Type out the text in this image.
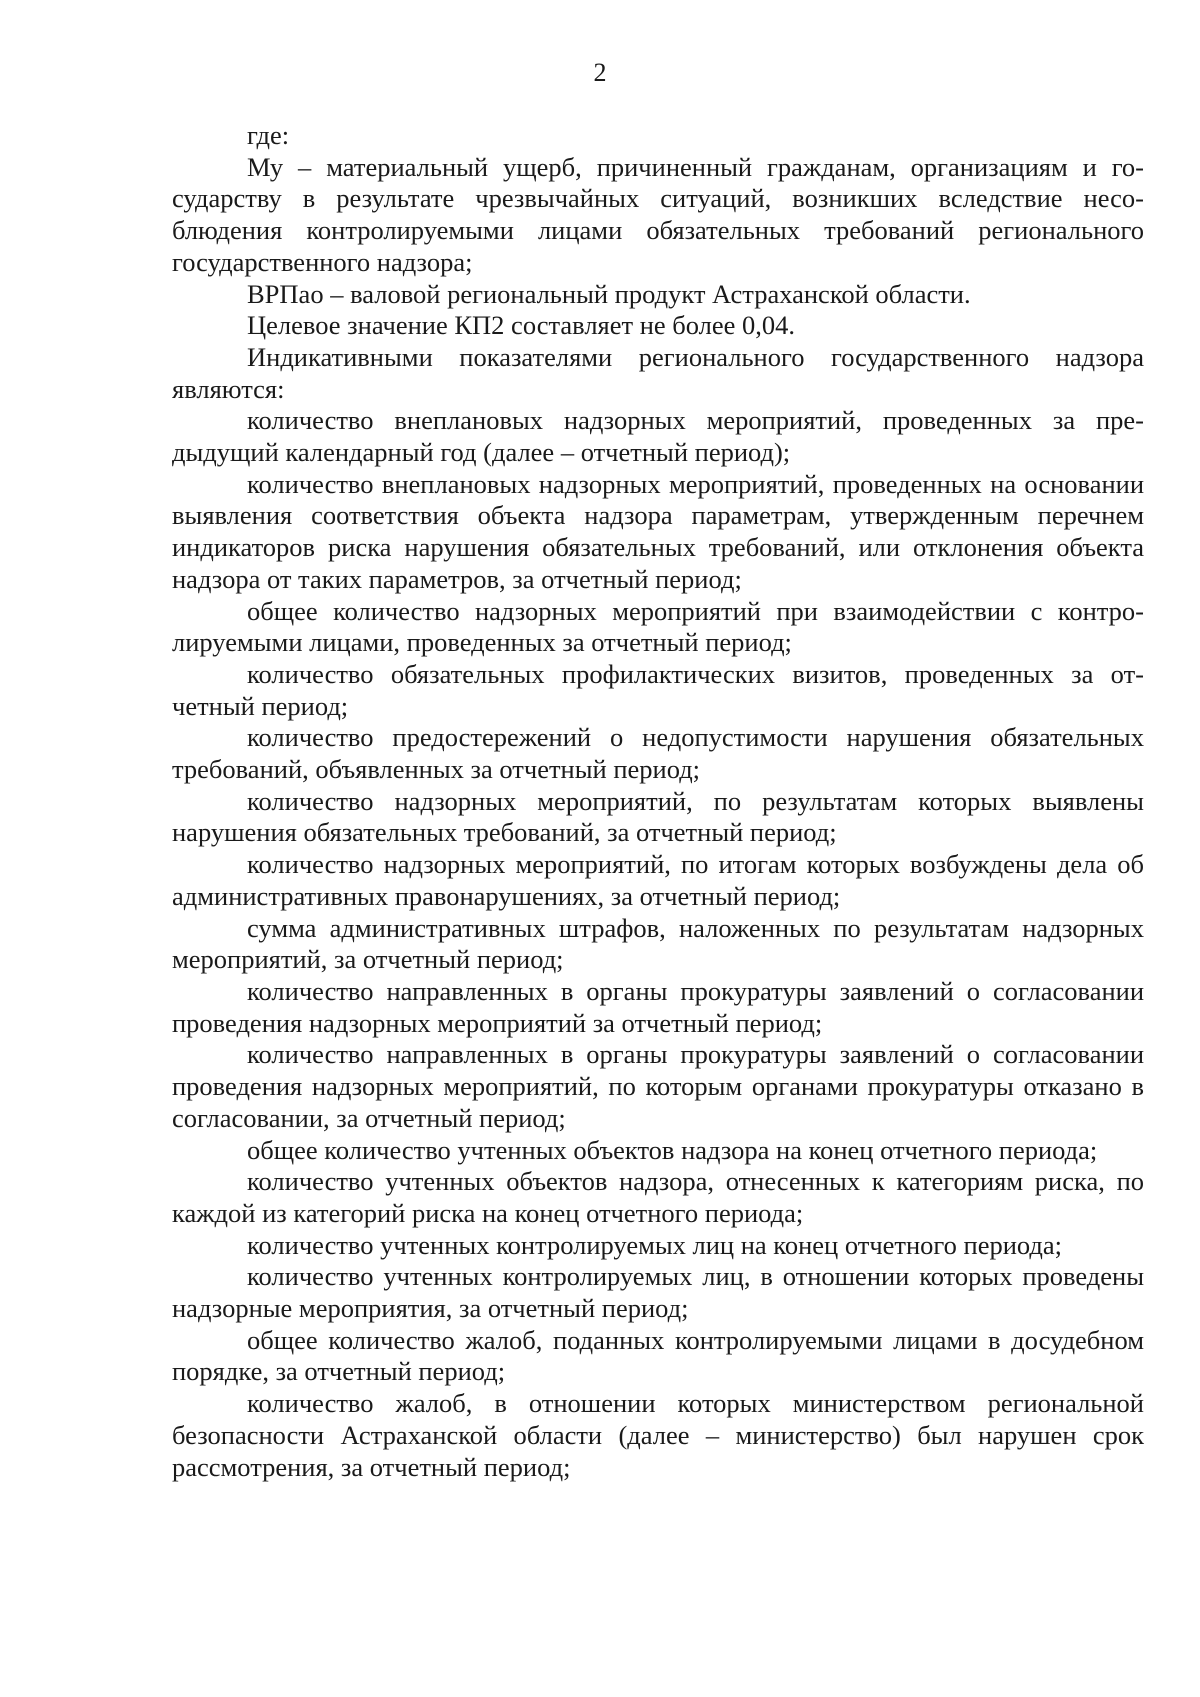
2

где:

Му – материальный ущерб, причиненный гражданам, организациям и государству в результате чрезвычайных ситуаций, возникших вследствие несоблюдения контролируемыми лицами обязательных требований регионального государственного надзора;

ВРПао – валовой региональный продукт Астраханской области.

Целевое значение КП2 составляет не более 0,04.

Индикативными показателями регионального государственного надзора являются:

количество внеплановых надзорных мероприятий, проведенных за предыдущий календарный год (далее – отчетный период);

количество внеплановых надзорных мероприятий, проведенных на основании выявления соответствия объекта надзора параметрам, утвержденным перечнем индикаторов риска нарушения обязательных требований, или отклонения объекта надзора от таких параметров, за отчетный период;

общее количество надзорных мероприятий при взаимодействии с контролируемыми лицами, проведенных за отчетный период;

количество обязательных профилактических визитов, проведенных за отчетный период;

количество предостережений о недопустимости нарушения обязательных требований, объявленных за отчетный период;

количество надзорных мероприятий, по результатам которых выявлены нарушения обязательных требований, за отчетный период;

количество надзорных мероприятий, по итогам которых возбуждены дела об административных правонарушениях, за отчетный период;

сумма административных штрафов, наложенных по результатам надзорных мероприятий, за отчетный период;

количество направленных в органы прокуратуры заявлений о согласовании проведения надзорных мероприятий за отчетный период;

количество направленных в органы прокуратуры заявлений о согласовании проведения надзорных мероприятий, по которым органами прокуратуры отказано в согласовании, за отчетный период;

общее количество учтенных объектов надзора на конец отчетного периода;

количество учтенных объектов надзора, отнесенных к категориям риска, по каждой из категорий риска на конец отчетного периода;

количество учтенных контролируемых лиц на конец отчетного периода;

количество учтенных контролируемых лиц, в отношении которых проведены надзорные мероприятия, за отчетный период;

общее количество жалоб, поданных контролируемыми лицами в досудебном порядке, за отчетный период;

количество жалоб, в отношении которых министерством региональной безопасности Астраханской области (далее – министерство) был нарушен срок рассмотрения, за отчетный период;
